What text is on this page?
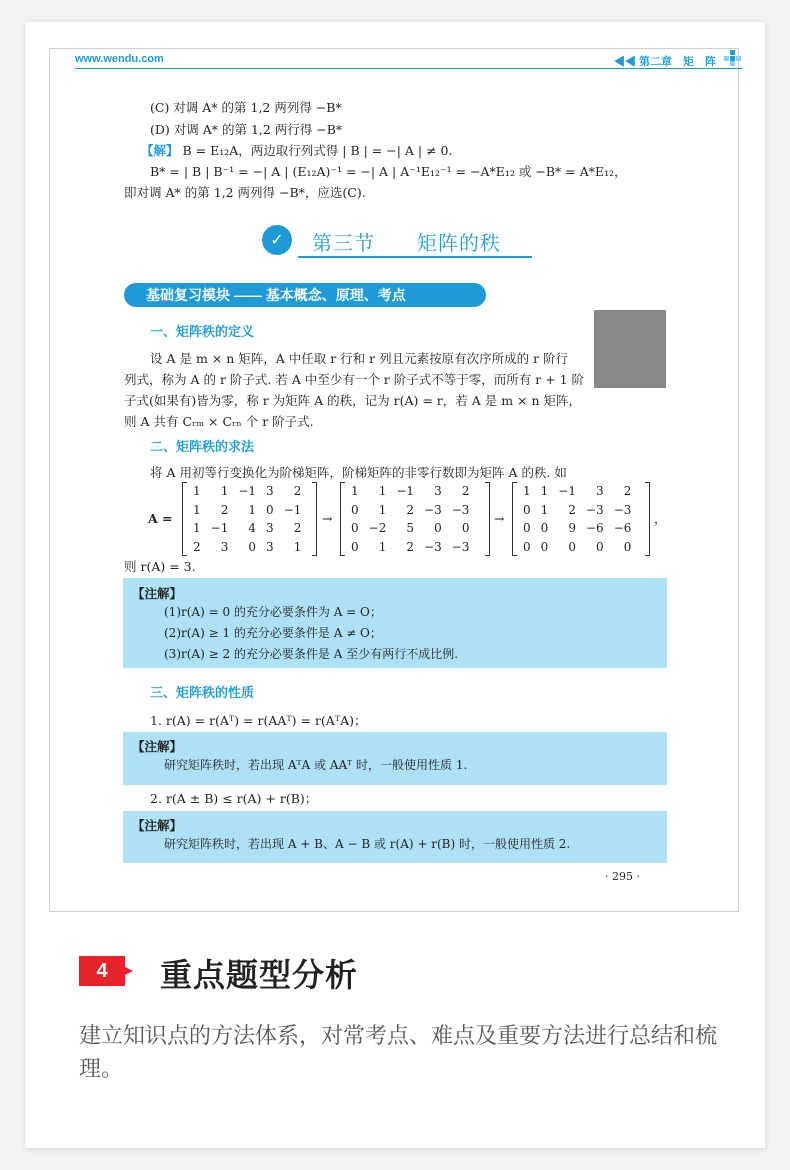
www.wendu.com	◀◀ 第二章　矩　阵
(C) 对调 A* 的第 1,2 两列得 −B*
(D) 对调 A* 的第 1,2 两行得 −B*
【解】 B = E₁₂A，两边取行列式得 | B | = −| A | ≠ 0.
B* = | B | B⁻¹ = −| A | (E₁₂A)⁻¹ = −| A | A⁻¹E₁₂⁻¹ = −A*E₁₂ 或 −B* = A*E₁₂，
即对调 A* 的第 1,2 两列得 −B*，应选(C).
✓	第三节　　矩阵的秩
基础复习模块 —— 基本概念、原理、考点
一、矩阵秩的定义
设 A 是 m × n 矩阵，A 中任取 r 行和 r 列且元素按原有次序所成的 r 阶行
列式，称为 A 的 r 阶子式. 若 A 中至少有一个 r 阶子式不等于零，而所有 r + 1 阶
子式(如果有)皆为零，称 r 为矩阵 A 的秩，记为 r(A) = r，若 A 是 m × n 矩阵，
则 A 共有 Cᵣₘ × Cᵣₙ 个 r 阶子式.
二、矩阵秩的求法
将 A 用初等行变换化为阶梯矩阵，阶梯矩阵的非零行数即为矩阵 A 的秩. 如
A =
1	1	−1	3	2
1	2	1	0	−1
1	−1	4	3	2
2	3	0	3	1
→
1	1	−1	3	2
0	1	2	−3	−3
0	−2	5	0	0
0	1	2	−3	−3
→
1	1	−1	3	2
0	1	2	−3	−3
0	0	9	−6	−6
0	0	0	0	0
，
则 r(A) = 3.
【注解】
(1)r(A) = 0 的充分必要条件为 A = O；
(2)r(A) ≥ 1 的充分必要条件是 A ≠ O；
(3)r(A) ≥ 2 的充分必要条件是 A 至少有两行不成比例.
三、矩阵秩的性质
1. r(A) = r(Aᵀ) = r(AAᵀ) = r(AᵀA)；
【注解】
研究矩阵秩时，若出现 AᵀA 或 AAᵀ 时，一般使用性质 1.
2. r(A ± B) ≤ r(A) + r(B)；
【注解】
研究矩阵秩时，若出现 A + B、A − B 或 r(A) + r(B) 时，一般使用性质 2.
· 295 ·
4	重点题型分析
建立知识点的方法体系，对常考点、难点及重要方法进行总结和梳理。
